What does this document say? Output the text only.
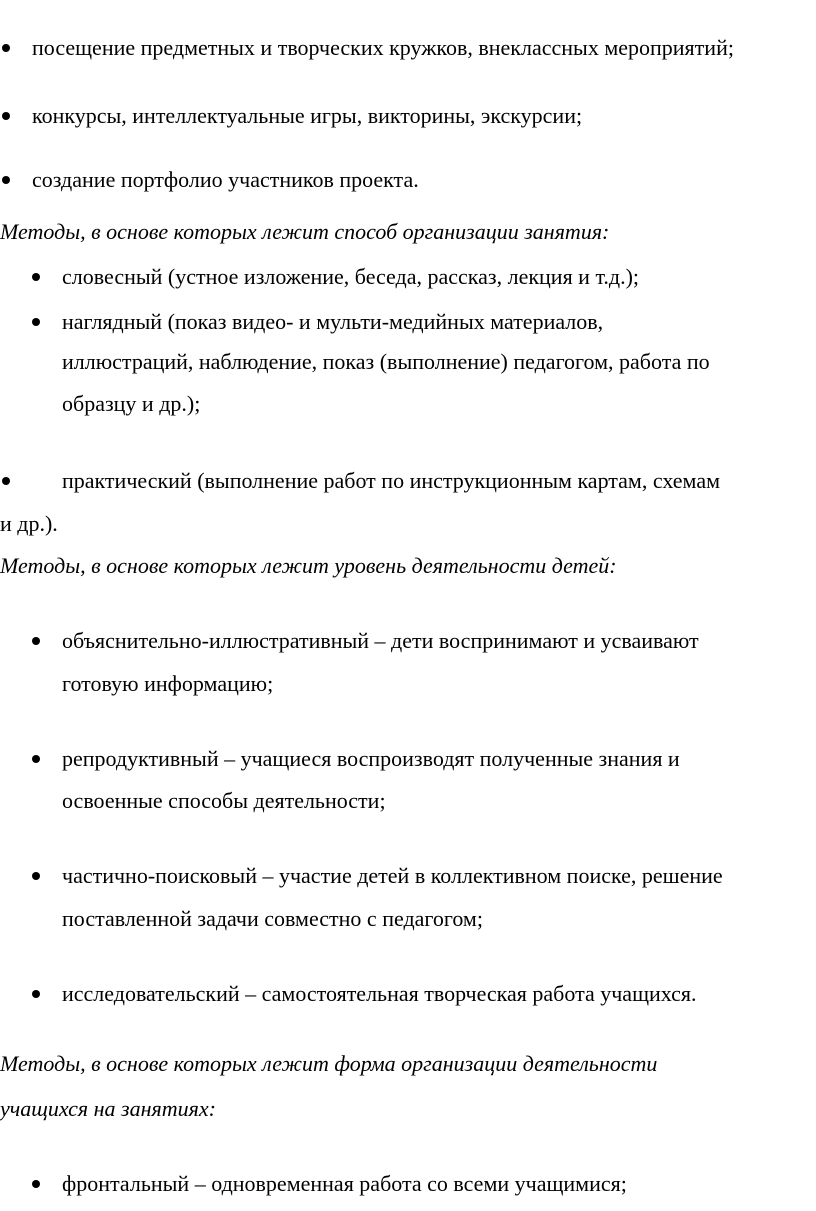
посещение предметных и творческих кружков, внеклассных мероприятий;
конкурсы, интеллектуальные игры, викторины, экскурсии;
создание портфолио участников проекта.
Методы, в основе которых лежит способ организации занятия:
словесный (устное изложение, беседа, рассказ, лекция и т.д.);
наглядный (показ видео- и мульти-медийных материалов,
иллюстраций, наблюдение, показ (выполнение) педагогом, работа по
образцу и др.);
практический (выполнение работ по инструкционным картам, схемам
и др.).
Методы, в основе которых лежит уровень деятельности детей:
объяснительно-иллюстративный – дети воспринимают и усваивают
готовую информацию;
репродуктивный – учащиеся воспроизводят полученные знания и
освоенные способы деятельности;
частично-поисковый – участие детей в коллективном поиске, решение
поставленной задачи совместно с педагогом;
исследовательский – самостоятельная творческая работа учащихся.
Методы, в основе которых лежит форма организации деятельности
учащихся на занятиях:
фронтальный – одновременная работа со всеми учащимися;
